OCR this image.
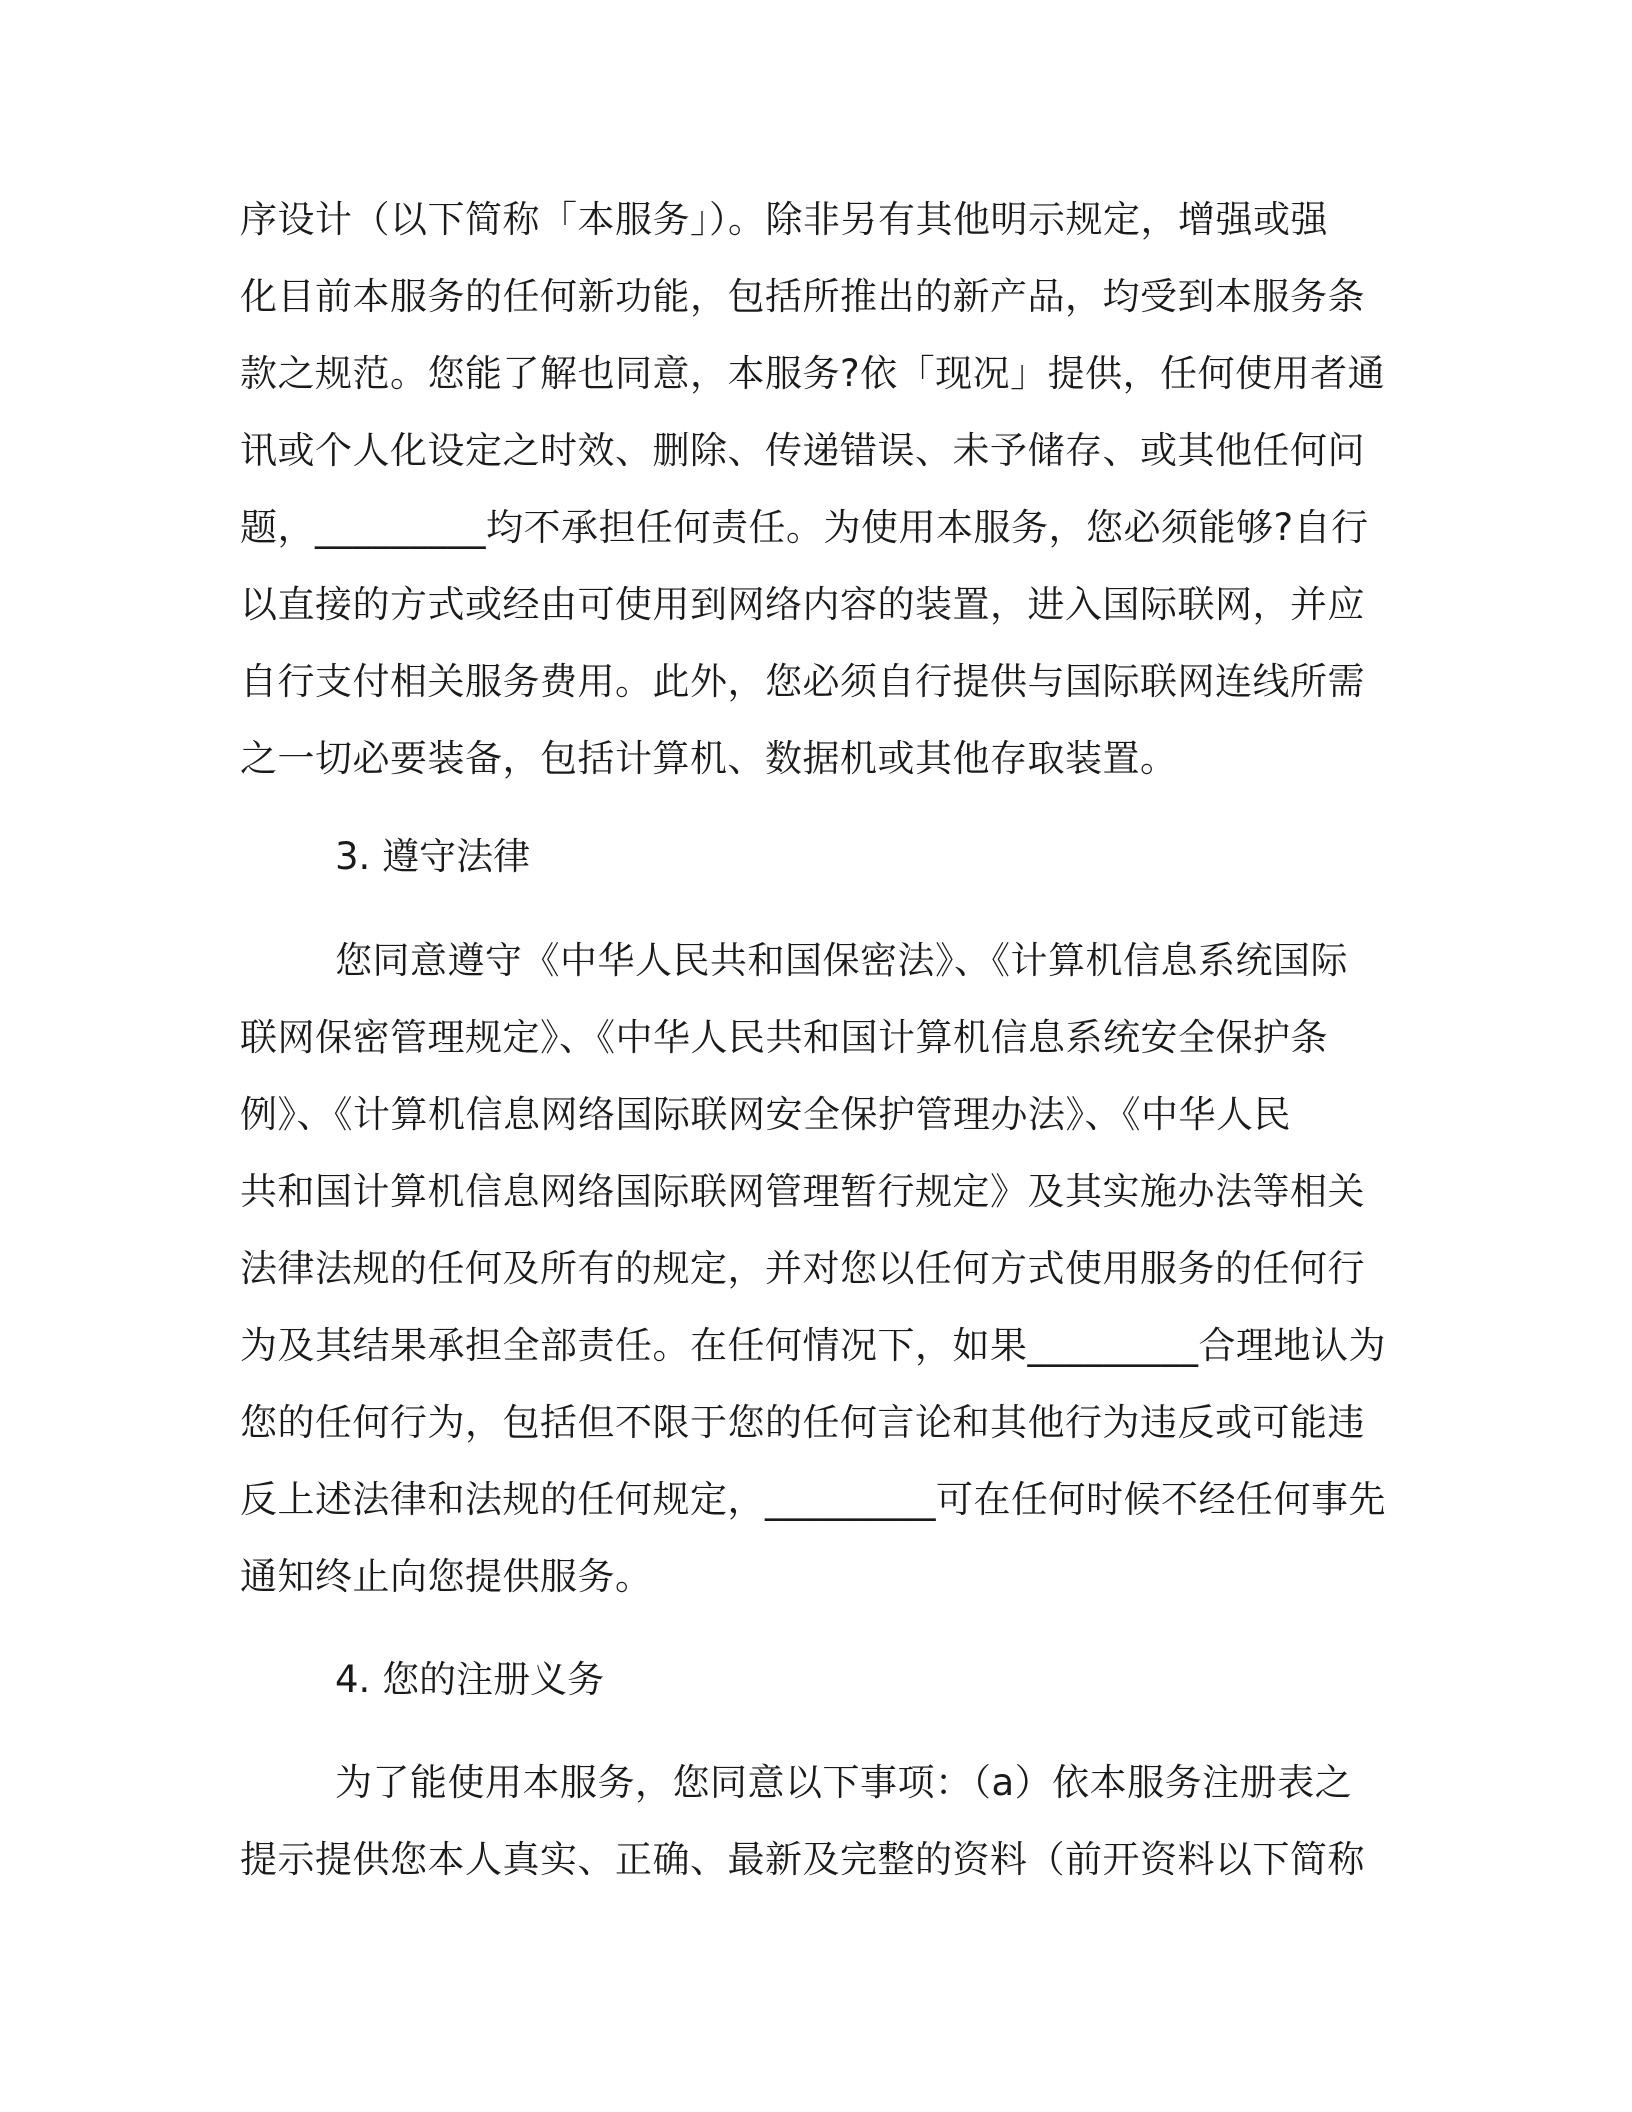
序设计（以下简称「本服务」）。除非另有其他明示规定，增强或强
化目前本服务的任何新功能，包括所推出的新产品，均受到本服务条
款之规范。您能了解也同意，本服务?依「现况」提供，任何使用者通
讯或个人化设定之时效、删除、传递错误、未予储存、或其他任何问
题，_________均不承担任何责任。为使用本服务，您必须能够?自行
以直接的方式或经由可使用到网络内容的装置，进入国际联网，并应
自行支付相关服务费用。此外，您必须自行提供与国际联网连线所需
之一切必要装备，包括计算机、数据机或其他存取装置。
3. 遵守法律
您同意遵守《中华人民共和国保密法》、《计算机信息系统国际
联网保密管理规定》、《中华人民共和国计算机信息系统安全保护条
例》、《计算机信息网络国际联网安全保护管理办法》、《中华人民
共和国计算机信息网络国际联网管理暂行规定》及其实施办法等相关
法律法规的任何及所有的规定，并对您以任何方式使用服务的任何行
为及其结果承担全部责任。在任何情况下，如果_________合理地认为
您的任何行为，包括但不限于您的任何言论和其他行为违反或可能违
反上述法律和法规的任何规定，_________可在任何时候不经任何事先
通知终止向您提供服务。
4. 您的注册义务
为了能使用本服务，您同意以下事项：（a）依本服务注册表之
提示提供您本人真实、正确、最新及完整的资料（前开资料以下简称
